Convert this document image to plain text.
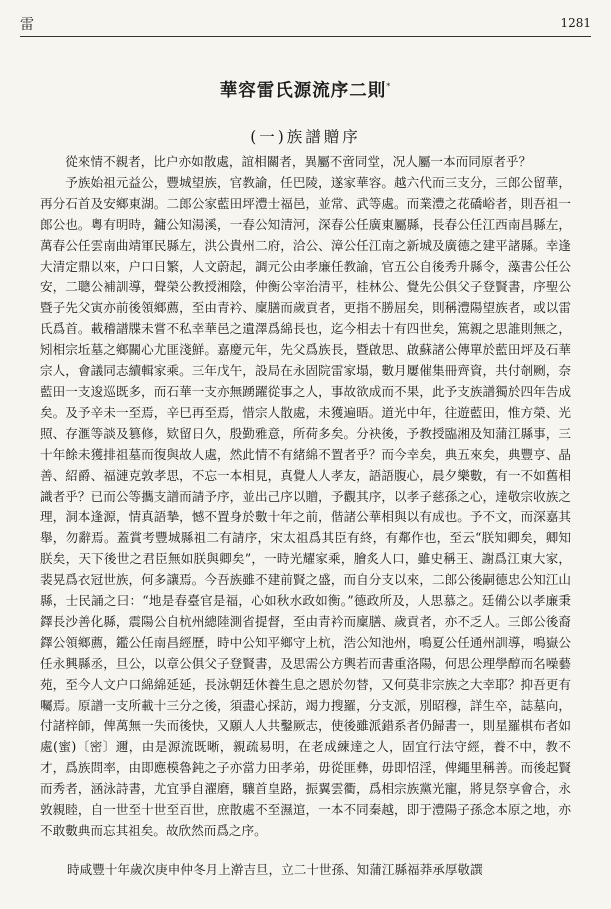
雷	1281
華容雷氏源流序二則*
(一)族譜贈序

從來情不親者，比户亦如散處，誼相關者，異屬不啻同堂，况人屬一本而同原者乎？

予族始祖元益公，豐城望族，官教諭，任巴陵，遂家華容。越六代而三支分，三郎公留華，再分石首及安鄉東湖。二郎公家藍田坪澧士福邑，並常、武等處。而業澧之花礄峪者，則吾祖一郎公也。粵有明時，鏞公知湯溪，一春公知清河，深春公任廣東屬縣，長春公任江西南昌縣左，萬春公任雲南曲靖軍民縣左，洪公貴州二府，洽公、漳公任江南之新城及廣德之建平諸縣。幸逢大清定鼎以來，户口日繁，人文蔚起，調元公由孝廉任教諭，官五公自後秀升縣令，藻書公任公安，二聰公補訓導，聲榮公教授湘陰，仲衡公宰治清平，桂林公、覺先公俱父子登賢書，序聖公暨子先父寅亦前後領鄉薦，至由青衿、廩膳而歲貢者，更指不勝屈矣，則稱澧陽望族者，或以雷氏爲首。載稽譜牒未嘗不私幸華邑之遺澤爲綿長也，迄今相去十有四世矣，篤親之思誰則無之，矧相宗坵墓之鄉關心尤匪淺鮮。嘉慶元年，先父爲族長，暨啟思、啟蘇諸公傳單於藍田坪及石華宗人，會議同志續輯家乘。三年戊午，設局在永固院雷家塌，數月屢催集冊齊資，共付剞劂，奈藍田一支逡巡既多，而石華一支亦無踴躍從事之人，事故欲成而不果，此予支族譜獨於四年告成矣。及予辛未一至焉，辛巳再至焉，惜宗人散處，未獲遍晤。道光中年，往遊藍田，惟方榮、光照、存滙等談及篡修，欵留日久，殷勤雅意，所荷多矣。分袂後，予教授臨湘及知蒲江縣事，三十年餘未獲排祖墓而復與故人處，然此情不有緒綿不置者乎？而今幸矣，典五來矣，典豐亨、晶善、紹爵、福漣克敦孝思，不忘一本相見，真覺人人孝友，語語腹心，晨夕樂數，有一不如舊相識者乎？已而公等攜支譜而請予序，並出己序以贈，予觀其序，以孝子慈孫之心，達敬宗收族之理，洞本逢源，情真語摯，憾不置身於數十年之前，偕諸公華相與以有成也。予不文，而深嘉其舉，勿辭焉。蓋賞考豐城縣祖二有請序，宋太祖爲其臣有終，有鄰作也，至云“朕知卿矣，卿知朕矣，天下後世之君臣無如朕與卿矣”，一時光耀家乘，膾炙人口，雖史稱王、謝爲江東大家，裴晃爲衣冠世族，何多讓焉。今吾族雖不建前賢之盛，而自分支以來，二郎公後嗣德忠公知江山縣，士民誦之曰：“地是春臺官是福，心如秋水政如衡。”德政所及，人思慕之。廷備公以孝廉秉鐸長沙善化縣，震陽公自杭州總陸測省提督，至由青衿而廩膳、歲貢者，亦不乏人。三郎公後裔鐸公領鄉薦，鑑公任南昌經歷，時中公知平鄉守上杭，浩公知池州，鳴夏公任通州訓導，鳴嶽公任永興縣丞，旦公，以章公俱父子登賢書，及思需公方輿若而書重洛陽，何思公理學醇而名噪藝苑，至今人文户口綿綿延延，長泳朝廷休養生息之恩於勿替，又何莫非宗族之大幸耶？抑吾更有囑焉。原譜一支所載十三分之後，須盡心採訪，竭力搜羅，分支派，別昭穆，詳生卒，誌墓向，付諸梓師，俾萬無一失而後快，又願人人共鑿厥志，使後雖派錯系者仍歸書一，則星羅棋布者如處(蜜)〔密〕邇，由是源流既晰，親疏易明，在老成練達之人，固宜行法守經，養不中，教不才，爲族問率，由即應模魯鈍之子亦當力田孝弟，毋從匪彝，毋即怊淫，俾繩里稱善。而後起賢而秀者，涵泳詩書，尤宜爭自濯磨，驤首皇路，振翼雲衢，爲相宗族黨光寵，將見祭享會合，永敦親睦，自一世至十世至百世，庶散處不至濕逭，一本不同秦越，即于澧陽子孫念本原之地，亦不敢數典而忘其祖矣。故欣然而爲之序。

時咸豐十年歲次庚申仲冬月上澣吉旦，立二十世孫、知蒲江縣福莽承厚敬譔
